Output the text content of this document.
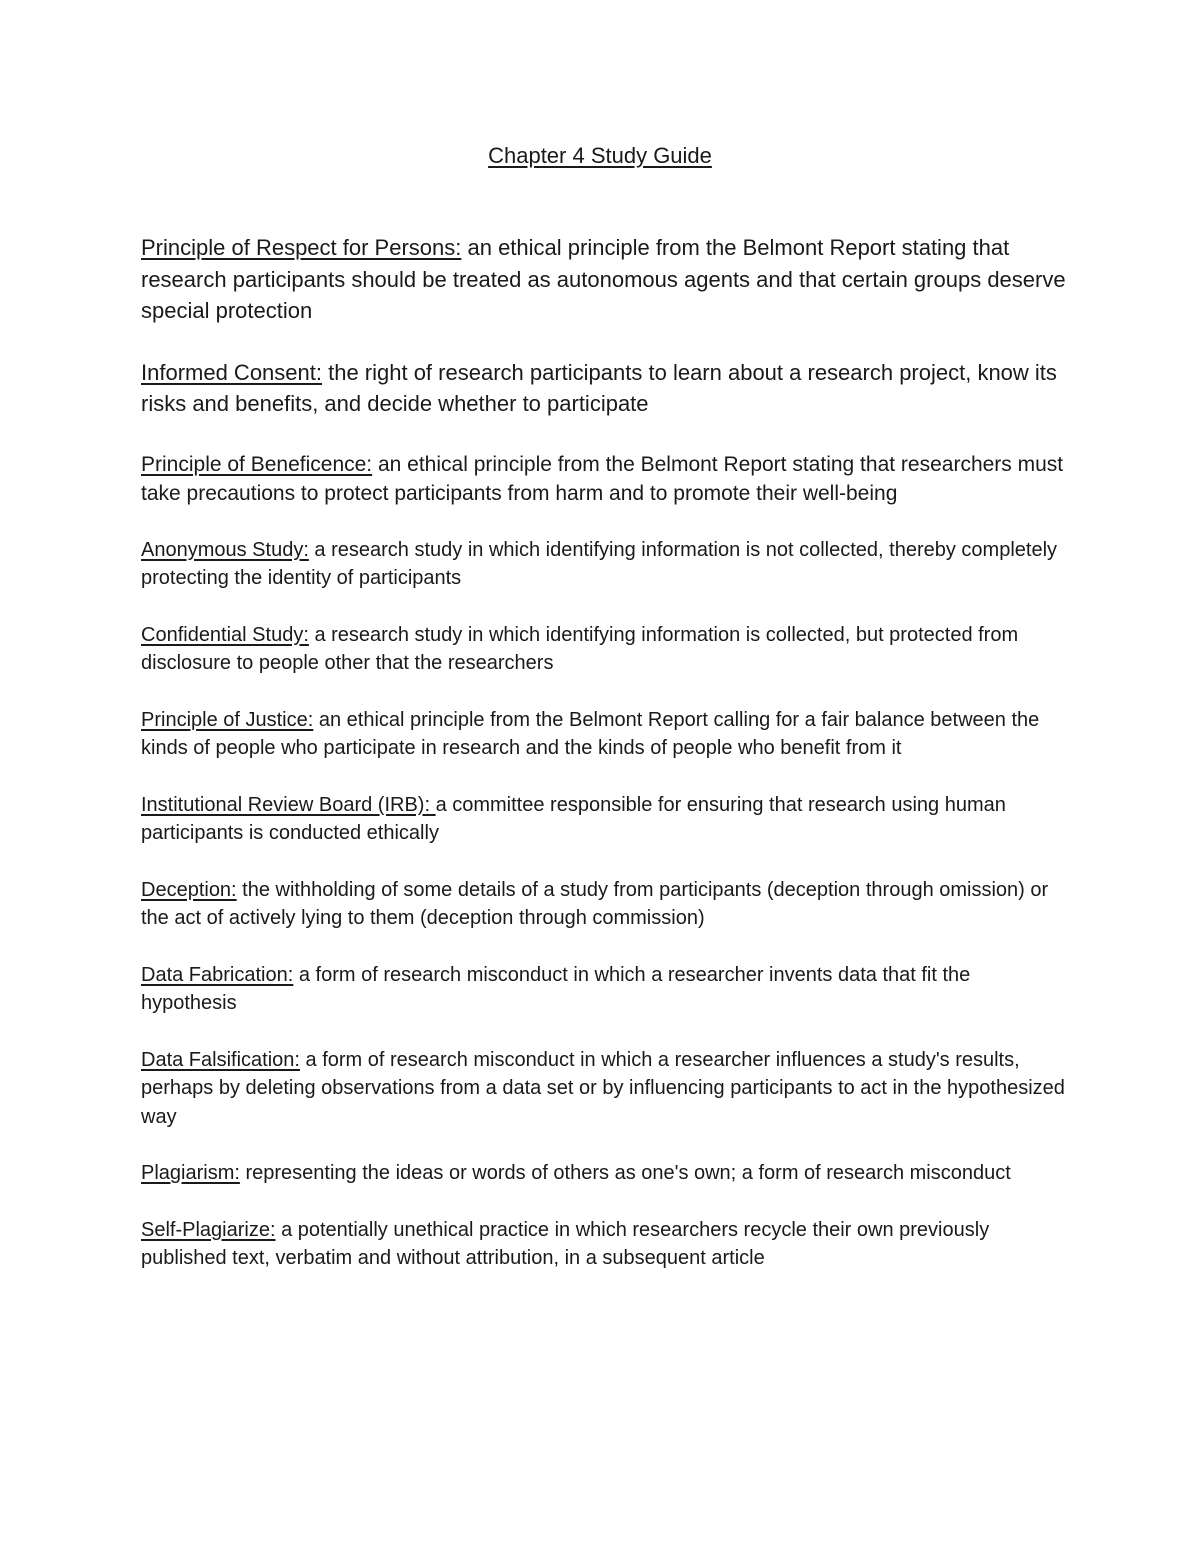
Chapter 4 Study Guide

Principle of Respect for Persons: an ethical principle from the Belmont Report stating that research participants should be treated as autonomous agents and that certain groups deserve special protection

Informed Consent: the right of research participants to learn about a research project, know its risks and benefits, and decide whether to participate

Principle of Beneficence: an ethical principle from the Belmont Report stating that researchers must take precautions to protect participants from harm and to promote their well-being

Anonymous Study: a research study in which identifying information is not collected, thereby completely protecting the identity of participants

Confidential Study: a research study in which identifying information is collected, but protected from disclosure to people other that the researchers

Principle of Justice: an ethical principle from the Belmont Report calling for a fair balance between the kinds of people who participate in research and the kinds of people who benefit from it

Institutional Review Board (IRB): a committee responsible for ensuring that research using human participants is conducted ethically

Deception: the withholding of some details of a study from participants (deception through omission) or the act of actively lying to them (deception through commission)

Data Fabrication: a form of research misconduct in which a researcher invents data that fit the hypothesis

Data Falsification: a form of research misconduct in which a researcher influences a study's results, perhaps by deleting observations from a data set or by influencing participants to act in the hypothesized way

Plagiarism: representing the ideas or words of others as one's own; a form of research misconduct

Self-Plagiarize: a potentially unethical practice in which researchers recycle their own previously published text, verbatim and without attribution, in a subsequent article
